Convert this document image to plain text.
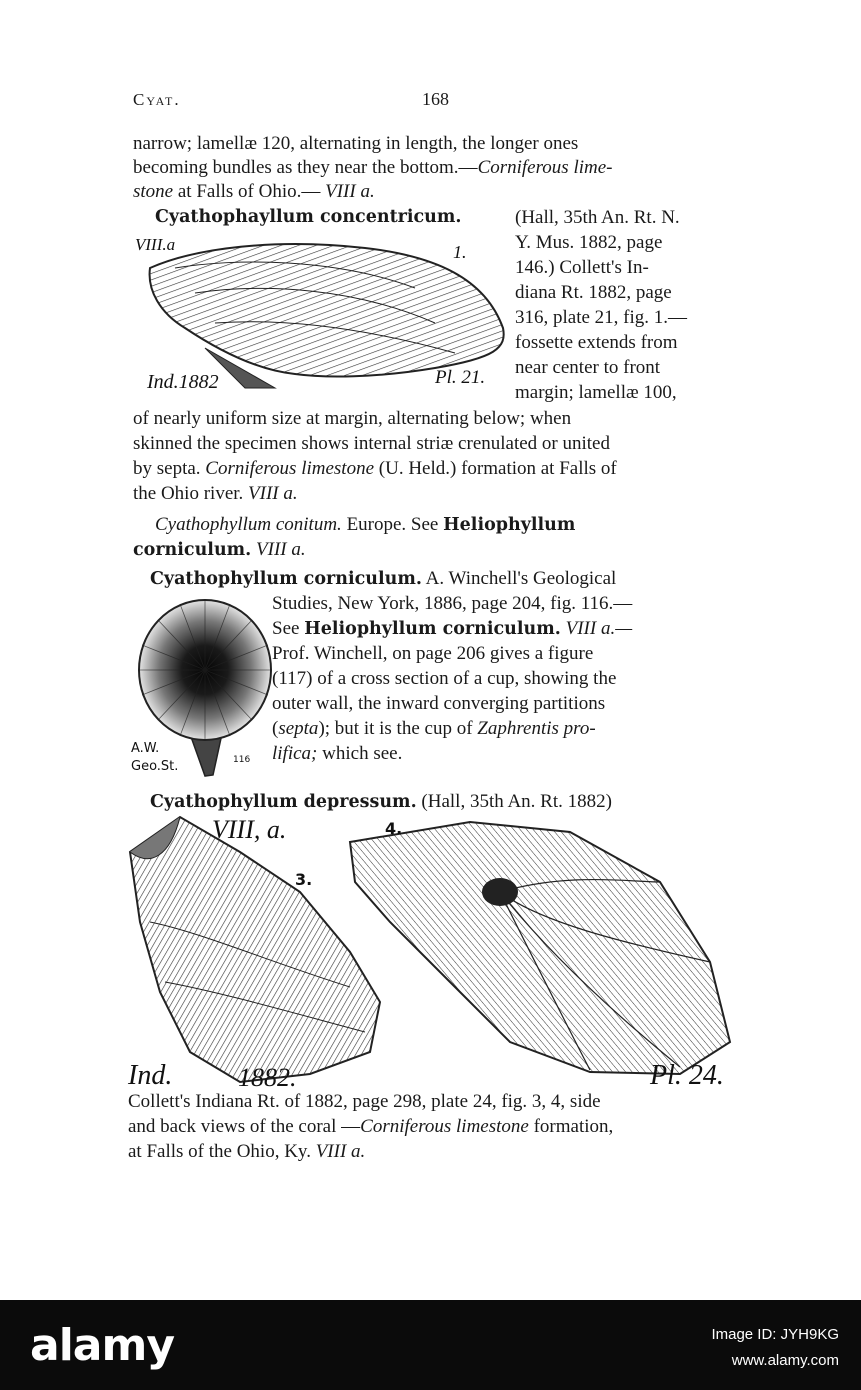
Cyat.	168
narrow; lamellæ 120, alternating in length, the longer ones
becoming bundles as they near the bottom.—Corniferous lime-
stone at Falls of Ohio.— VIII a.
Cyathophayllum concentricum.	(Hall, 35th An. Rt. N.
Y. Mus. 1882, page
146.) Collett's In-
diana Rt. 1882, page
316, plate 21, fig. 1.—
fossette extends from
near center to front
margin; lamellæ 100,
VIII.a	1.
Ind.1882	Pl. 21.
of nearly uniform size at margin, alternating below; when
skinned the specimen shows internal striæ crenulated or united
by septa. Corniferous limestone (U. Held.) formation at Falls of
the Ohio river. VIII a.
Cyathophyllum conitum. Europe. See Heliophyllum
corniculum. VIII a.
Cyathophyllum corniculum. A. Winchell's Geological
Studies, New York, 1886, page 204, fig. 116.—
See Heliophyllum corniculum. VIII a.—
Prof. Winchell, on page 206 gives a figure
(117) of a cross section of a cup, showing the
outer wall, the inward converging partitions
(septa); but it is the cup of Zaphrentis pro-
lifica; which see.
A.W.
Geo.St.	116
Cyathophyllum depressum. (Hall, 35th An. Rt. 1882)
VIII, a.
3.
4.
Ind.	1882.	Pl. 24.
Collett's Indiana Rt. of 1882, page 298, plate 24, fig. 3, 4, side
and back views of the coral —Corniferous limestone formation,
at Falls of the Ohio, Ky. VIII a.
alamy	Image ID: JYH9KG
www.alamy.com
